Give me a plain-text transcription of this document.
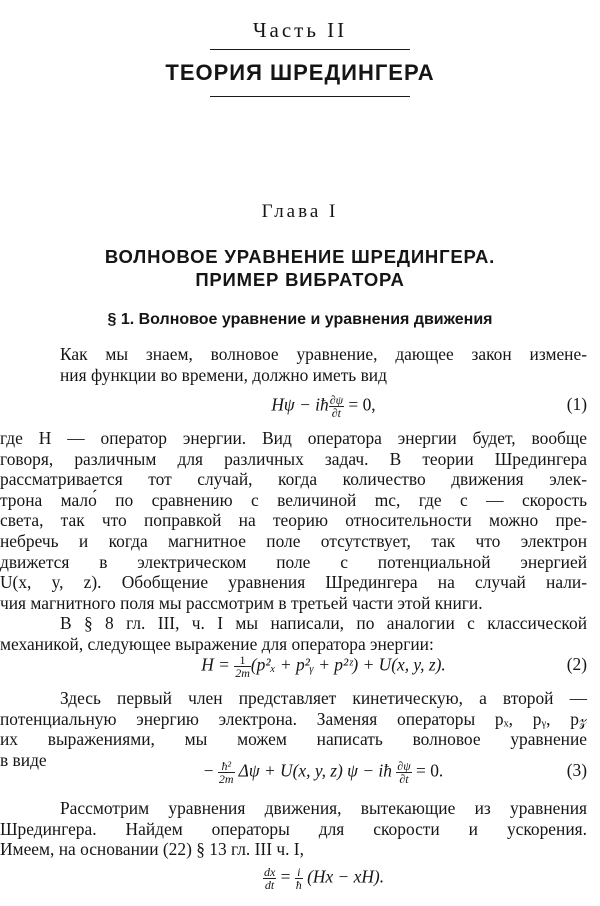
Часть II
ТЕОРИЯ ШРЕДИНГЕРА
Глава I
ВОЛНОВОЕ УРАВНЕНИЕ ШРЕДИНГЕРА.
ПРИМЕР ВИБРАТОРА
§ 1. Волновое уравнение и уравнения движения
Как мы знаем, волновое уравнение, дающее закон измене-
ния функции во времени, должно иметь вид
Hψ − iħ $\frac{\partial\psi}{\partial t} = 0$,	(1)
где H — оператор энергии. Вид оператора энергии будет, вообще
говоря, различным для различных задач. В теории Шредингера
рассматривается тот случай, когда количество движения элек-
трона мало́ по сравнению с величиной mc, где c — скорость
света, так что поправкой на теорию относительности можно пре-
небречь и когда магнитное поле отсутствует, так что электрон
движется в электрическом поле с потенциальной энергией
U(x, y, z). Обобщение уравнения Шредингера на случай нали-
чия магнитного поля мы рассмотрим в третьей части этой книги.
В § 8 гл. III, ч. I мы написали, по аналогии с классической
механикой, следующее выражение для оператора энергии:
$H = \frac{1}{2m} (p^2_x$ + p²ᵧ + p²ᶻ) + U(x, y, z).	(2)
Здесь первый член представляет кинетическую, а второй —
потенциальную энергию электрона. Заменяя операторы pₓ, pᵧ, p𝓏
их выражениями, мы можем написать волновое уравнение
в виде
− $\frac{\text{ħ²}}{2m}$ Δψ + U(x, y, z) ψ − iħ $\frac{\partial\psi}{\partial t} = 0$.	(3)
Рассмотрим уравнения движения, вытекающие из уравнения
Шредингера. Найдем операторы для скорости и ускорения.
Имеем, на основании (22) § 13 гл. III ч. I,
$\frac{dx}{dt} = \frac{i}{ħ} (Hx - xH)$.
